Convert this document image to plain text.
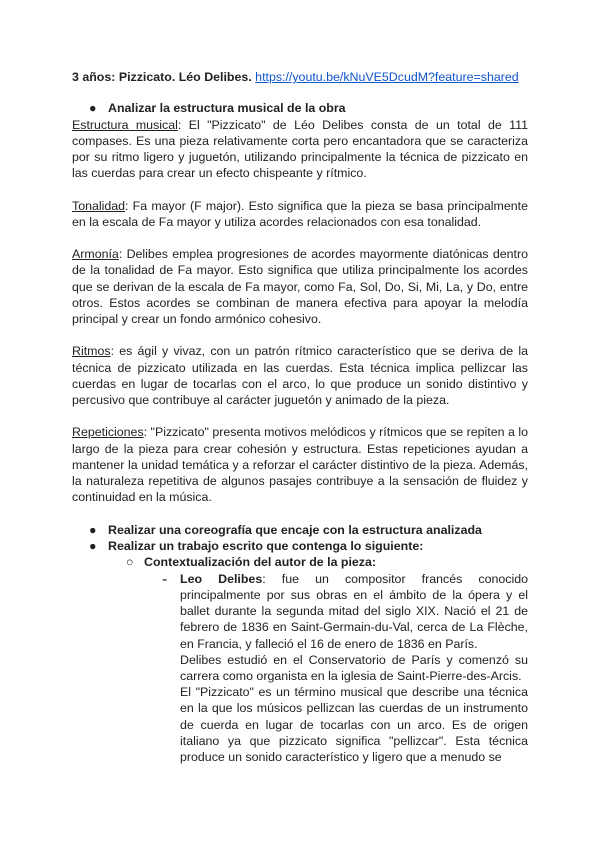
3 años: Pizzicato. Léo Delibes. https://youtu.be/kNuVE5DcudM?feature=shared

● Analizar la estructura musical de la obra

Estructura musical: El "Pizzicato" de Léo Delibes consta de un total de 111 compases. Es una pieza relativamente corta pero encantadora que se caracteriza por su ritmo ligero y juguetón, utilizando principalmente la técnica de pizzicato en las cuerdas para crear un efecto chispeante y rítmico.

Tonalidad: Fa mayor (F major). Esto significa que la pieza se basa principalmente en la escala de Fa mayor y utiliza acordes relacionados con esa tonalidad.

Armonía: Delibes emplea progresiones de acordes mayormente diatónicas dentro de la tonalidad de Fa mayor. Esto significa que utiliza principalmente los acordes que se derivan de la escala de Fa mayor, como Fa, Sol, Do, Si, Mi, La, y Do, entre otros. Estos acordes se combinan de manera efectiva para apoyar la melodía principal y crear un fondo armónico cohesivo.

Ritmos: es ágil y vivaz, con un patrón rítmico característico que se deriva de la técnica de pizzicato utilizada en las cuerdas. Esta técnica implica pellizcar las cuerdas en lugar de tocarlas con el arco, lo que produce un sonido distintivo y percusivo que contribuye al carácter juguetón y animado de la pieza.

Repeticiones: "Pizzicato" presenta motivos melódicos y rítmicos que se repiten a lo largo de la pieza para crear cohesión y estructura. Estas repeticiones ayudan a mantener la unidad temática y a reforzar el carácter distintivo de la pieza. Además, la naturaleza repetitiva de algunos pasajes contribuye a la sensación de fluidez y continuidad en la música.

● Realizar una coreografía que encaje con la estructura analizada
● Realizar un trabajo escrito que contenga lo siguiente:
○ Contextualización del autor de la pieza:
- Leo Delibes: fue un compositor francés conocido principalmente por sus obras en el ámbito de la ópera y el ballet durante la segunda mitad del siglo XIX. Nació el 21 de febrero de 1836 en Saint-Germain-du-Val, cerca de La Flèche, en Francia, y falleció el 16 de enero de 1836 en París.

Delibes estudió en el Conservatorio de París y comenzó su carrera como organista en la iglesia de Saint-Pierre-des-Arcis.

El "Pizzicato" es un término musical que describe una técnica en la que los músicos pellizcan las cuerdas de un instrumento de cuerda en lugar de tocarlas con un arco. Es de origen italiano ya que pizzicato significa "pellizcar". Esta técnica produce un sonido característico y ligero que a menudo se
